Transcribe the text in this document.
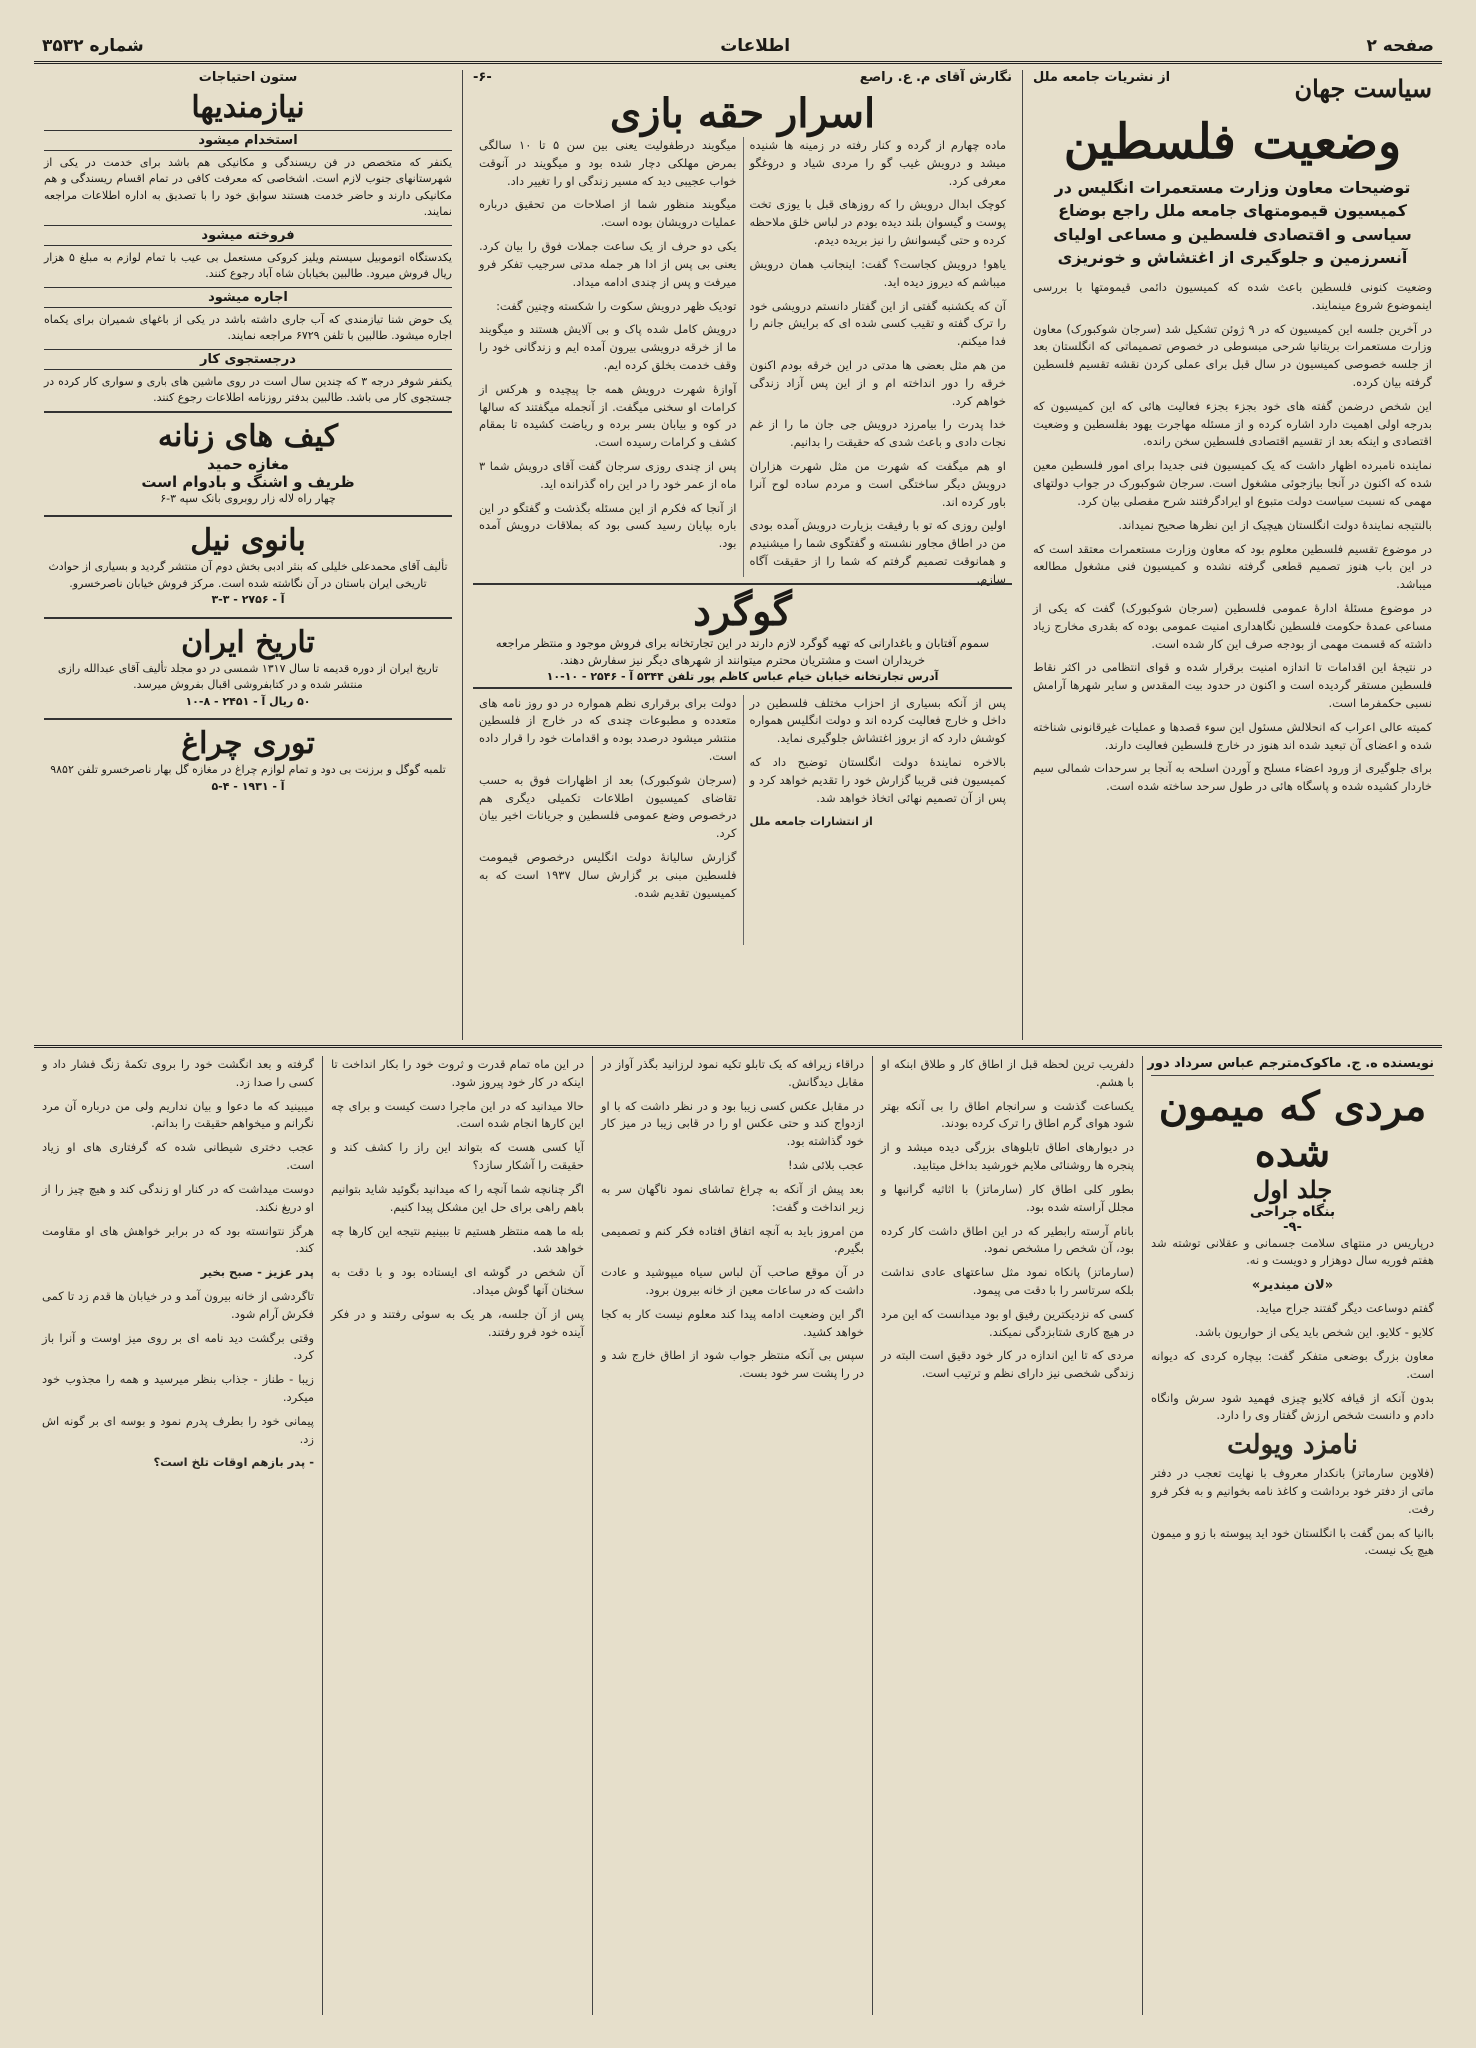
صفحه ۲
اطلاعات
شماره ۳۵۳۲
سیاست جهان
از نشریات جامعه ملل
وضعیت فلسطین
توضیحات معاون وزارت مستعمرات انگلیس در کمیسیون قیمومتهای جامعه ملل راجع بوضاع سیاسی و اقتصادی فلسطین و مساعی اولیای آنسرزمین و جلوگیری از اغتشاش و خونریزی

وضعیت کنونی فلسطین باعث شده که کمیسیون دائمی قیمومتها با بررسی اینموضوع شروع مینمایند.

در آخرین جلسه این کمیسیون که در ۹ ژوئن تشکیل شد (سرجان شوکبورک) معاون وزارت مستعمرات بریتانیا شرحی مبسوطی در خصوص تصمیماتی که انگلستان بعد از جلسه خصوصی کمیسیون در سال قبل برای عملی کردن نقشه تقسیم فلسطین گرفته بیان کرده.

این شخص درضمن گفته های خود بجزء بجزء فعالیت هائی که این کمیسیون که بدرجه اولی اهمیت دارد اشاره کرده و از مسئله مهاجرت یهود بفلسطین و وضعیت اقتصادی و اینکه بعد از تقسیم اقتصادی فلسطین سخن رانده.

نماینده نامبرده اظهار داشت که یک کمیسیون فنی جدیدا برای امور فلسطین معین شده که اکنون در آنجا بیازجوئی مشغول است. سرجان شوکبورک در جواب دولتهای مهمی که نسبت سیاست دولت متبوع او ایرادگرفتند شرح مفصلی بیان کرد.

بالنتیجه نمایندۀ دولت انگلستان هیچیک از این نظرها صحیح نمیداند.

در موضوع تقسیم فلسطین معلوم بود که معاون وزارت مستعمرات معتقد است که در این باب هنوز تصمیم قطعی گرفته نشده و کمیسیون فنی مشغول مطالعه میباشد.

در موضوع مسئلۀ ادارۀ عمومی فلسطین (سرجان شوکبورک) گفت که یکی از مساعی عمدۀ حکومت فلسطین نگاهداری امنیت عمومی بوده که بقدری مخارج زیاد داشته که قسمت مهمی از بودجه صرف این کار شده است.

در نتیجۀ این اقدامات تا اندازه امنیت برقرار شده و قوای انتظامی در اکثر نقاط فلسطین مستقر گردیده است و اکنون در حدود بیت المقدس و سایر شهرها آرامش نسبی حکمفرما است.

کمیته عالی اعراب که انحلالش مسئول این سوء قصدها و عملیات غیرقانونی شناخته شده و اعضای آن تبعید شده اند هنوز در خارج فلسطین فعالیت دارند.

برای جلوگیری از ورود اعضاء مسلح و آوردن اسلحه به آنجا بر سرحدات شمالی سیم خاردار کشیده شده و پاسگاه هائی در طول سرحد ساخته شده است.

نگارش آقای م. ع. راصع
-۶-
اسرار حقه بازی

ماده چهارم از گرده و کنار رفته در زمینه ها شنیده میشد و درویش غیب گو را مردی شیاد و دروغگو معرفی کرد.

کوچک ابدال درویش را که روزهای قبل با یوزی تخت پوست و گیسوان بلند دیده بودم در لباس خلق ملاحظه کرده و حتی گیسوانش را نیز بریده دیدم.

یاهو! درویش کجاست؟ گفت: اینجانب همان درویش میباشم که دیروز دیده اید.

آن که یکشنبه گفتی از این گفتار دانستم درویشی خود را ترک گفته و تقیب کسی شده ای که برایش جانم را فدا میکنم.

من هم مثل بعضی ها مدتی در این خرقه بودم اکنون خرقه را دور انداخته ام و از این پس آزاد زندگی خواهم کرد.

خدا پدرت را بیامرزد درویش جی جان ما را از غم نجات دادی و باعث شدی که حقیقت را بدانیم.

او هم میگفت که شهرت من مثل شهرت هزاران درویش دیگر ساختگی است و مردم ساده لوح آنرا باور کرده اند.

اولین روزی که تو با رفیقت بزیارت درویش آمده بودی من در اطاق مجاور نشسته و گفتگوی شما را میشنیدم و همانوقت تصمیم گرفتم که شما را از حقیقت آگاه سازم.

میگویند درطفولیت یعنی بین سن ۵ تا ۱۰ سالگی بمرض مهلکی دچار شده بود و میگویند در آنوقت خواب عجیبی دید که مسیر زندگی او را تغییر داد.

میگویند منظور شما از اصلاحات من تحقیق درباره عملیات درویشان بوده است.

یکی دو حرف از یک ساعت جملات فوق را بیان کرد. یعنی بی پس از ادا هر جمله مدتی سرجیب تفکر فرو میرفت و پس از چندی ادامه میداد.

تودیک ظهر درویش سکوت را شکسته وچنین گفت:

درویش کامل شده پاک و بی آلایش هستند و میگویند ما از خرقه درویشی بیرون آمده ایم و زندگانی خود را وقف خدمت بخلق کرده ایم.

آوازۀ شهرت درویش همه جا پیچیده و هرکس از کرامات او سخنی میگفت. از آنجمله میگفتند که سالها در کوه و بیابان بسر برده و ریاضت کشیده تا بمقام کشف و کرامات رسیده است.

پس از چندی روزی سرجان گفت آقای درویش شما ۳ ماه از عمر خود را در این راه گذرانده اید.

از آنجا که فکرم از این مسئله بگذشت و گفتگو در این باره بپایان رسید کسی بود که بملاقات درویش آمده بود.

گوگرد
سموم آفتابان و باغدارانی که تهیه گوگرد لازم دارند در این تجارتخانه برای فروش موجود و منتظر مراجعه خریداران است و مشتریان محترم میتوانند از شهرهای دیگر نیز سفارش دهند.
آدرس تجارتخانه خیابان خیام عباس کاظم پور تلفن ۵۳۴۴ آ - ۲۵۴۶ - ۱۰-۱۰

پس از آنکه بسیاری از احزاب مختلف فلسطین در داخل و خارج فعالیت کرده اند و دولت انگلیس همواره کوشش دارد که از بروز اغتشاش جلوگیری نماید.

بالاخره نمایندۀ دولت انگلستان توضیح داد که کمیسیون فنی قریبا گزارش خود را تقدیم خواهد کرد و پس از آن تصمیم نهائی اتخاذ خواهد شد.

از انتشارات جامعه ملل

دولت برای برقراری نظم همواره در دو روز نامه های متعدده و مطبوعات چندی که در خارج از فلسطین منتشر میشود درصدد بوده و اقدامات خود را قرار داده است.

(سرجان شوکبورک) بعد از اظهارات فوق به حسب تقاضای کمیسیون اطلاعات تکمیلی دیگری هم درخصوص وضع عمومی فلسطین و جریانات اخیر بیان کرد.

گزارش سالیانۀ دولت انگلیس درخصوص قیمومت فلسطین مبنی بر گزارش سال ۱۹۳۷ است که به کمیسیون تقدیم شده.

ستون احتیاجات
نیازمندیها
استخدام میشود
یکنفر که متخصص در فن ریسندگی و مکانیکی هم باشد برای خدمت در یکی از شهرستانهای جنوب لازم است. اشخاصی که معرفت کافی در تمام اقسام ریسندگی و هم مکانیکی دارند و حاضر خدمت هستند سوابق خود را با تصدیق به اداره اطلاعات مراجعه نمایند.
فروخته میشود
یکدستگاه اتوموبیل سیستم ویلیز کروکی مستعمل بی عیب با تمام لوازم به مبلغ ۵ هزار ریال فروش میرود. طالبین بخیابان شاه آباد رجوع کنند.
اجاره میشود
یک حوض شنا تیازمندی که آب جاری داشته باشد در یکی از باغهای شمیران برای یکماه اجاره میشود. طالبین با تلفن ۶۷۲۹ مراجعه نمایند.
درجستجوی کار
یکنفر شوفر درجه ۳ که چندین سال است در روی ماشین های باری و سواری کار کرده در جستجوی کار می باشد. طالبین بدفتر روزنامه اطلاعات رجوع کنند.
کیف های زنانه
مغازه حمید
ظریف و اشنگ و بادوام است
چهار راه لاله زار روبروی بانک سپه ۳-۶
بانوی نیل
تألیف آقای محمدعلی خلیلی که بنثر ادبی بخش دوم آن منتشر گردید و بسیاری از حوادث تاریخی ایران باستان در آن نگاشته شده است. مرکز فروش خیابان ناصرخسرو.
آ - ۲۷۵۶ - ۳-۳
تاریخ ایران
تاریخ ایران از دوره قدیمه تا سال ۱۳۱۷ شمسی در دو مجلد تألیف آقای عبدالله رازی منتشر شده و در کتابفروشی اقبال بفروش میرسد.
۵۰ ریال آ - ۲۴۵۱ - ۸-۱۰
توری چراغ
تلمبه گوگل و برزنت بی دود و تمام لوازم چراغ در مغازه گل بهار ناصرخسرو تلفن ۹۸۵۲
آ - ۱۹۳۱ - ۴-۵
نویسنده ه. ج. ماکوک
مترجم عباس سرداد دور
مردی که میمون شده
جلد اول
بنگاه جراحی
-۹-

درپاریس در منتهای سلامت جسمانی و عقلانی توشته شد هفتم فوریه سال دوهزار و دویست و نه.

«لان میندیر»

گفتم دوساعت دیگر گفتند جراح میاید.

کلایو - کلایو. این شخص باید یکی از حواریون باشد.

معاون بزرگ بوضعی متفکر گفت: بیچاره کردی که دیوانه است.

بدون آنکه از قیافه کلایو چیزی فهمید شود سرش وانگاه دادم و دانست شخص ارزش گفتار وی را دارد.

نامزد ویولت

(فلاوین سارماتز) بانکدار معروف با نهایت تعجب در دفتر ماتی از دفتر خود برداشت و کاغذ نامه بخوانیم و به فکر فرو رفت.

باانیا که بمن گفت با انگلستان خود اید پیوسته با زو و میمون هیچ یک نیست.

دلفریب ترین لحظه قبل از اطاق کار و طلاق ابنکه او با هشم.

یکساعت گذشت و سرانجام اطاق را بی آنکه بهتر شود هوای گرم اطاق را ترک کرده بودند.

در دیوارهای اطاق تابلوهای بزرگی دیده میشد و از پنجره ها روشنائی ملایم خورشید بداخل میتابید.

بطور کلی اطاق کار (سارماتز) با اثاثیه گرانبها و مجلل آراسته شده بود.

بانام آرسته رابطیر که در این اطاق داشت کار کرده بود، آن شخص را مشخص نمود.

(سارماتز) پانکاه نمود مثل ساعتهای عادی نداشت بلکه سرتاسر را با دقت می پیمود.

کسی که نزدیکترین رفیق او بود میدانست که این مرد در هیچ کاری شتابزدگی نمیکند.

مردی که تا این اندازه در کار خود دقیق است البته در زندگی شخصی نیز دارای نظم و ترتیب است.

دراقاء زیرافه که یک تابلو تکیه نمود لرزانید بگذر آواز در مقابل دیدگانش.

در مقابل عکس کسی زیبا بود و در نظر داشت که با او ازدواج کند و حتی عکس او را در قابی زیبا در میز کار خود گذاشته بود.

عجب بلائی شد!

بعد پیش از آنکه به چراغ تماشای نمود ناگهان سر به زیر انداخت و گفت:

من امروز باید به آنچه اتفاق افتاده فکر کنم و تصمیمی بگیرم.

در آن موقع صاحب آن لباس سیاه میپوشید و عادت داشت که در ساعات معین از خانه بیرون برود.

اگر این وضعیت ادامه پیدا کند معلوم نیست کار به کجا خواهد کشید.

سپس بی آنکه منتظر جواب شود از اطاق خارج شد و در را پشت سر خود بست.

در این ماه تمام قدرت و ثروت خود را بکار انداخت تا اینکه در کار خود پیروز شود.

حالا میدانید که در این ماجرا دست کیست و برای چه این کارها انجام شده است.

آیا کسی هست که بتواند این راز را کشف کند و حقیقت را آشکار سازد؟

اگر چنانچه شما آنچه را که میدانید بگوئید شاید بتوانیم باهم راهی برای حل این مشکل پیدا کنیم.

بله ما همه منتظر هستیم تا ببینیم نتیجه این کارها چه خواهد شد.

آن شخص در گوشه ای ایستاده بود و با دقت به سخنان آنها گوش میداد.

پس از آن جلسه، هر یک به سوئی رفتند و در فکر آینده خود فرو رفتند.

گرفته و بعد انگشت خود را بروی تکمۀ زنگ فشار داد و کسی را صدا زد.

میبینید که ما دعوا و بیان نداریم ولی من درباره آن مرد نگرانم و میخواهم حقیقت را بدانم.

عجب دختری شیطانی شده که گرفتاری های او زیاد است.

دوست میداشت که در کنار او زندگی کند و هیچ چیز را از او دریغ نکند.

هرگز نتوانسته بود که در برابر خواهش های او مقاومت کند.

پدر عزیز - صبح بخیر

تاگردشی از خانه بیرون آمد و در خیابان ها قدم زد تا کمی فکرش آرام شود.

وقتی برگشت دید نامه ای بر روی میز اوست و آنرا باز کرد.

زیبا - طناز - جذاب بنظر میرسید و همه را مجذوب خود میکرد.

پیمانی خود را بطرف پدرم نمود و بوسه ای بر گونه اش زد.

- پدر بازهم اوقات تلخ است؟
